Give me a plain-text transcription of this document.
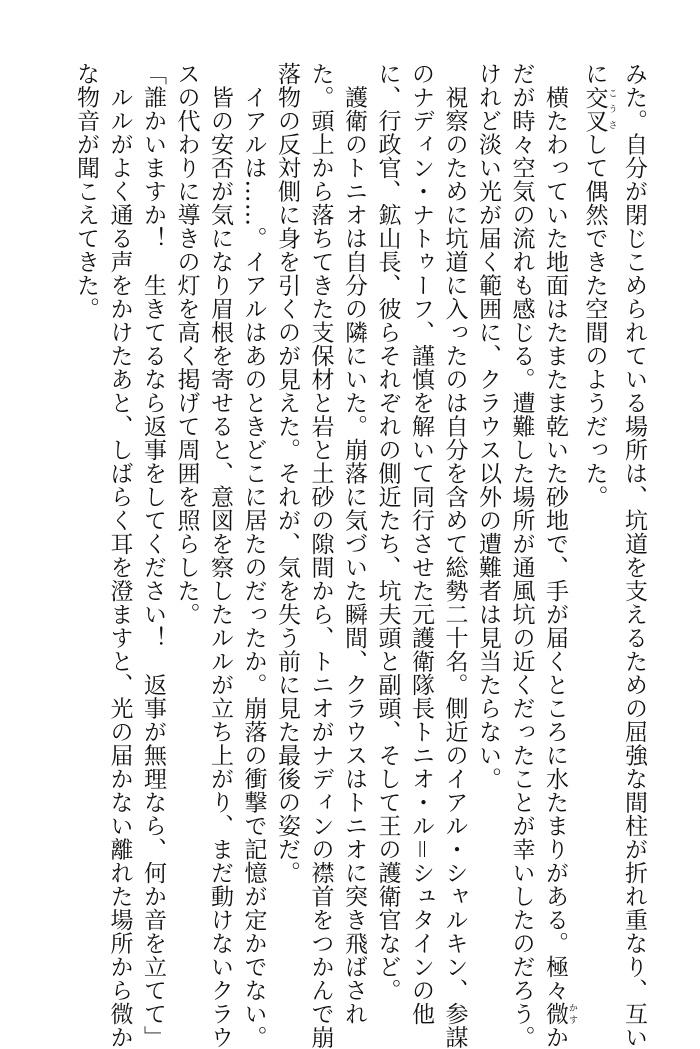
みた。自分が閉じこめられている場所は、坑道を支えるための屈強な間柱が折れ重なり、互い

に交叉 こうさして偶然できた空間のようだった。

　横たわっていた地面はたまたま乾いた砂地で、手が届くところに水たまりがある。極々微 かすか

だが時々空気の流れも感じる。遭難した場所が通風坑の近くだったことが幸いしたのだろう。

けれど淡い光が届く範囲に、クラウス以外の遭難者は見当たらない。

　視察のために坑道に入ったのは自分を含めて総勢二十名。側近のイアル・シャルキン、参謀

のナディン・ナトゥーフ、謹慎を解いて同行させた元護衛隊長トニオ・ル＝シュタインの他

に、行政官、鉱山長、彼らそれぞれの側近たち、坑夫頭と副頭、そして王の護衛官など。

　護衛のトニオは自分の隣にいた。崩落に気づいた瞬間、クラウスはトニオに突き飛ばされ

た。頭上から落ちてきた支保材と岩と土砂の隙間から、トニオがナディンの襟首をつかんで崩

落物の反対側に身を引くのが見えた。それが、気を失う前に見た最後の姿だ。

　イアルは……。イアルはあのときどこに居たのだったか。崩落の衝撃で記憶が定かでない。

　皆の安否が気になり眉根を寄せると、意図を察したルルが立ち上がり、まだ動けないクラウ

スの代わりに導きの灯を高く掲げて周囲を照らした。

「誰かいますか！　生きてるなら返事をしてください！　返事が無理なら、何か音を立てて」

　ルルがよく通る声をかけたあと、しばらく耳を澄ますと、光の届かない離れた場所から微か

な物音が聞こえてきた。
